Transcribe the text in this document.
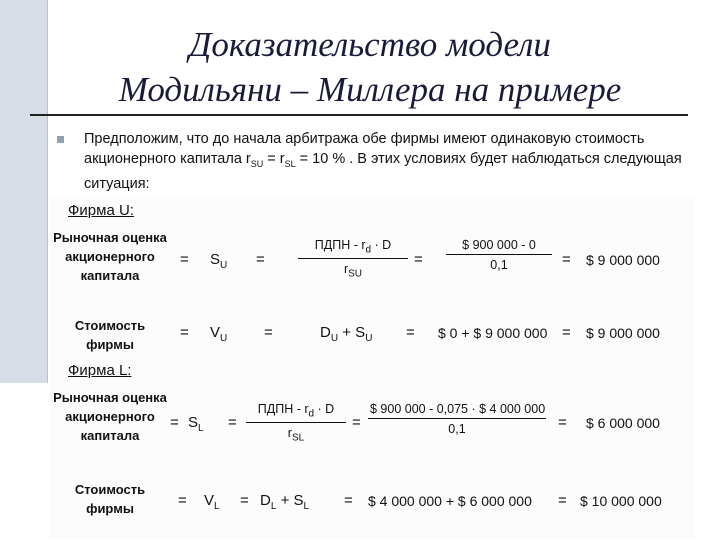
Доказательство модели
Модильяни – Миллера на примере
Предположим, что до начала арбитража обе фирмы имеют одинаковую стоимость акционерного капитала $r_{SU} = r_{SL} = 10$ % . В этих условиях будет наблюдаться следующая ситуация:
Фирма U:
Рыночная оценка акционерного капитала
= $S_U$ =
ПДПН - $r_d \cdot D$
$r_{SU}$
= $\frac{\$ 900 000 - 0}{0,1}$ = $ 9 000 000
Стоимость фирмы
= $V_U$ =	$D_U + S_U$ = $ 0 + $ 9 000 000 = $ 9 000 000
Фирма L:
Рыночная оценка акционерного капитала
= $S_L$ =
ПДПН - $r_d \cdot D$
$r_{SL}$
= $\frac{\$ 900 000 - 0,075 \cdot \$ 4 000 000}{0,1}$ = $ 6 000 000
Стоимость фирмы	= $V_L = D_L + S_L$ = $ 4 000 000 + $ 6 000 000 = $ 10 000 000
